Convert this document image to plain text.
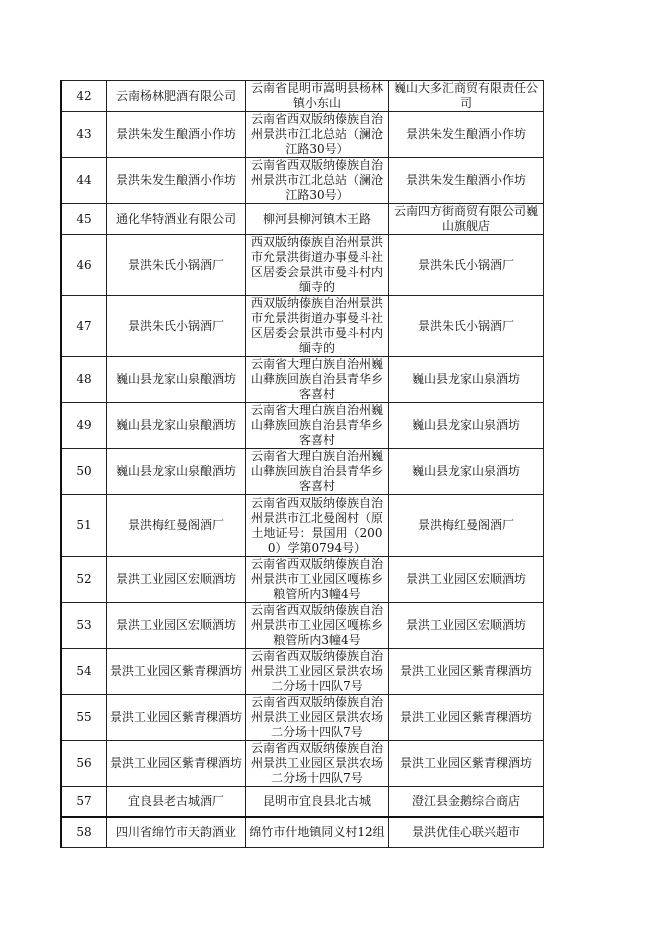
42	云南杨林肥酒有限公司	云南省昆明市嵩明县杨林镇小东山	巍山大多汇商贸有限责任公司
43	景洪朱发生酿酒小作坊	云南省西双版纳傣族自治州景洪市江北总站（澜沧江路30号）	景洪朱发生酿酒小作坊
44	景洪朱发生酿酒小作坊	云南省西双版纳傣族自治州景洪市江北总站（澜沧江路30号）	景洪朱发生酿酒小作坊
45	通化华特酒业有限公司	柳河县柳河镇木王路	云南四方街商贸有限公司巍山旗舰店
46	景洪朱氏小锅酒厂	西双版纳傣族自治州景洪市允景洪街道办事曼斗社区居委会景洪市曼斗村内缅寺的	景洪朱氏小锅酒厂
47	景洪朱氏小锅酒厂	西双版纳傣族自治州景洪市允景洪街道办事曼斗社区居委会景洪市曼斗村内缅寺的	景洪朱氏小锅酒厂
48	巍山县龙家山泉酿酒坊	云南省大理白族自治州巍山彝族回族自治县青华乡客喜村	巍山县龙家山泉酒坊
49	巍山县龙家山泉酿酒坊	云南省大理白族自治州巍山彝族回族自治县青华乡客喜村	巍山县龙家山泉酒坊
50	巍山县龙家山泉酿酒坊	云南省大理白族自治州巍山彝族回族自治县青华乡客喜村	巍山县龙家山泉酒坊
51	景洪梅红曼阁酒厂	云南省西双版纳傣族自治州景洪市江北曼阁村（原土地证号：景国用（2000）学第0794号）	景洪梅红曼阁酒厂
52	景洪工业园区宏顺酒坊	云南省西双版纳傣族自治州景洪市工业园区嘎栋乡粮管所内3幢4号	景洪工业园区宏顺酒坊
53	景洪工业园区宏顺酒坊	云南省西双版纳傣族自治州景洪市工业园区嘎栋乡粮管所内3幢4号	景洪工业园区宏顺酒坊
54	景洪工业园区紫青稞酒坊	云南省西双版纳傣族自治州景洪工业园区景洪农场二分场十四队7号	景洪工业园区紫青稞酒坊
55	景洪工业园区紫青稞酒坊	云南省西双版纳傣族自治州景洪工业园区景洪农场二分场十四队7号	景洪工业园区紫青稞酒坊
56	景洪工业园区紫青稞酒坊	云南省西双版纳傣族自治州景洪工业园区景洪农场二分场十四队7号	景洪工业园区紫青稞酒坊
57	宜良县老古城酒厂	昆明市宜良县北古城	澄江县金鹅综合商店
58	四川省绵竹市天韵酒业	绵竹市什地镇同义村12组	景洪优佳心联兴超市
